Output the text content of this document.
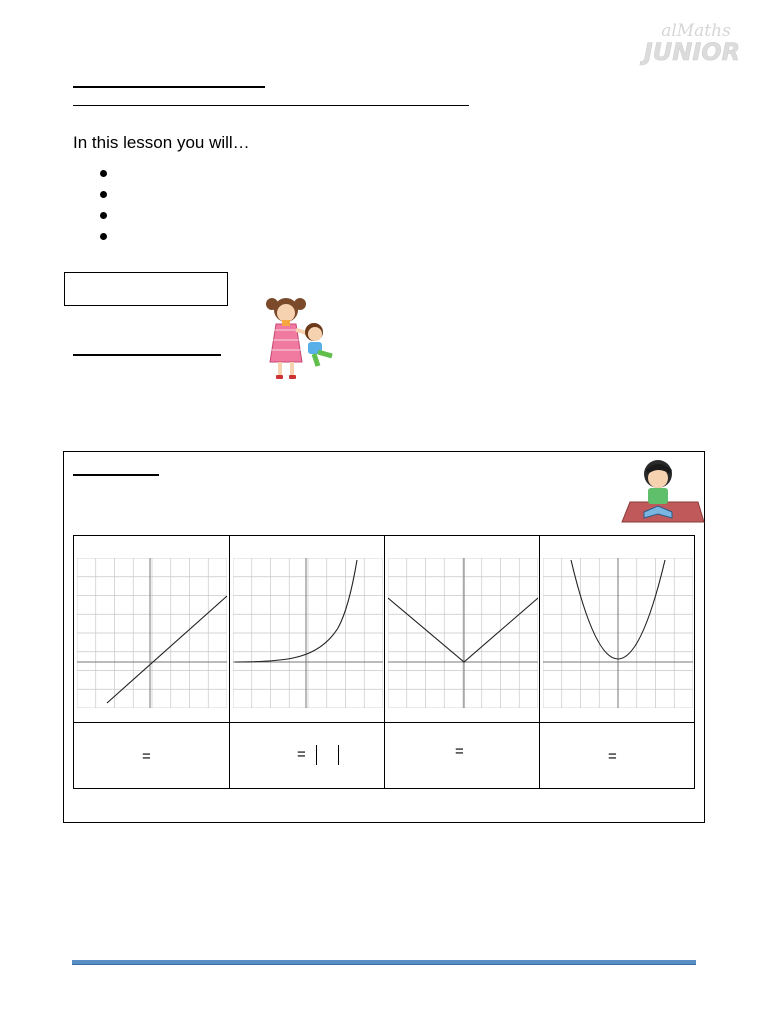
alMaths
JUNIOR
In this lesson you will…
=	=	=	=
